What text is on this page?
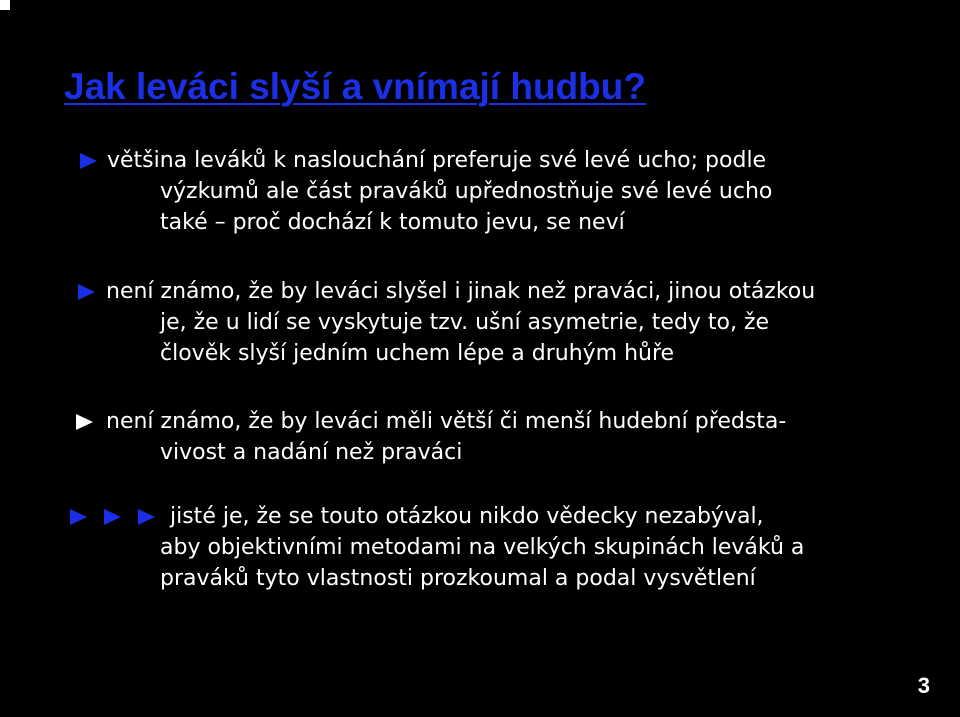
Jak leváci slyší a vnímají hudbu?
většina leváků k naslouchání preferuje své levé ucho; podle
výzkumů ale část praváků upřednostňuje své levé ucho
také – proč dochází k tomuto jevu, se neví
není známo, že by leváci slyšel i jinak než praváci, jinou otázkou
je, že u lidí se vyskytuje tzv. ušní asymetrie, tedy to, že
člověk slyší jedním uchem lépe a druhým hůře
není známo, že by leváci měli větší či menší hudební předsta-
vivost a nadání než praváci
jisté je, že se touto otázkou nikdo vědecky nezabýval,
aby objektivními metodami na velkých skupinách leváků a
praváků tyto vlastnosti prozkoumal a podal vysvětlení
3
